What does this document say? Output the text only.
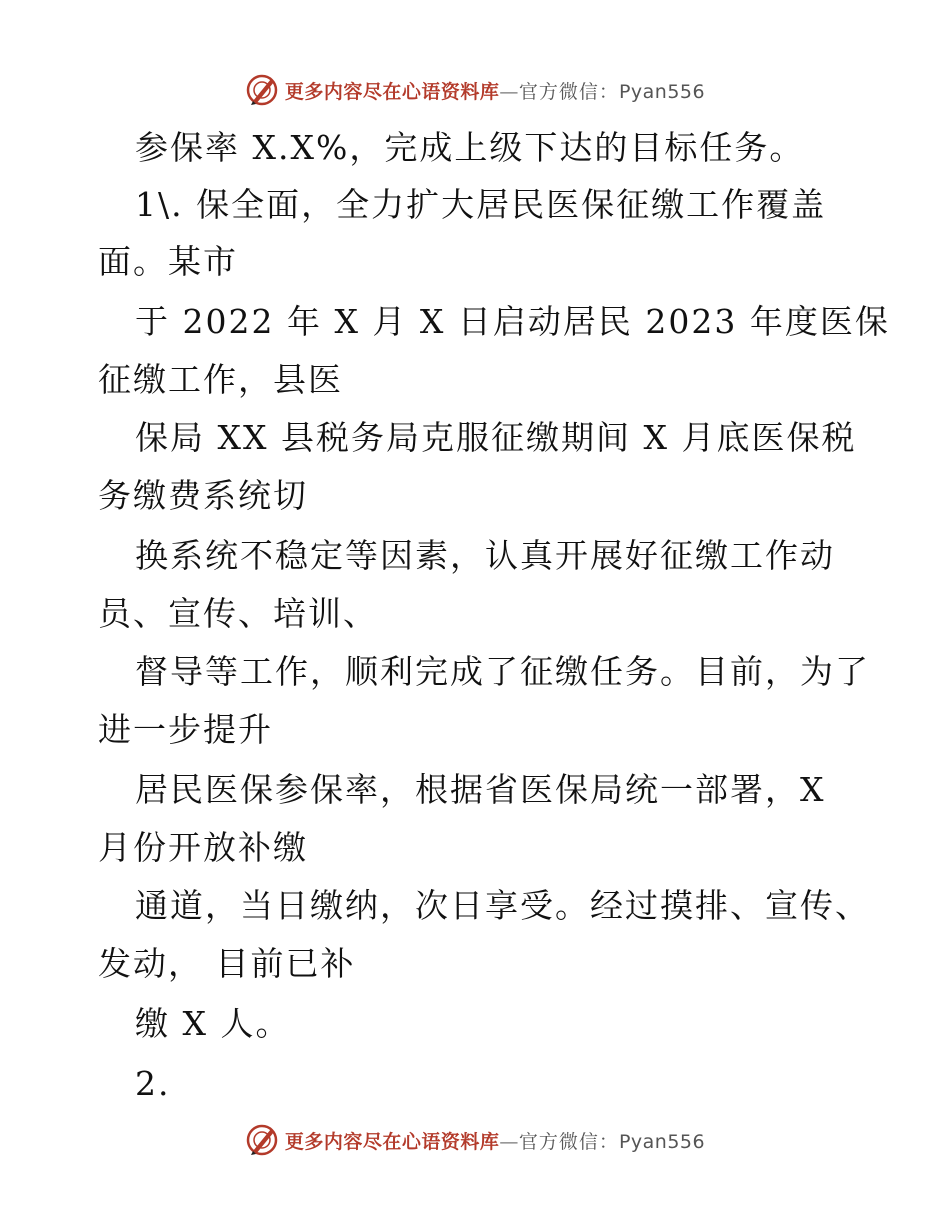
更多内容尽在心语资料库—官方微信：Pyan556
参保率 X.X%，完成上级下达的目标任务。
1\. 保全面，全力扩大居民医保征缴工作覆盖
面。某市
于 2022 年 X 月 X 日启动居民 2023 年度医保
征缴工作，县医
保局 XX 县税务局克服征缴期间 X 月底医保税
务缴费系统切
换系统不稳定等因素，认真开展好征缴工作动
员、宣传、培训、
督导等工作，顺利完成了征缴任务。目前，为了
进一步提升
居民医保参保率，根据省医保局统一部署，X
月份开放补缴
通道，当日缴纳，次日享受。经过摸排、宣传、
发动， 目前已补
缴 X 人。
2.
更多内容尽在心语资料库—官方微信：Pyan556
